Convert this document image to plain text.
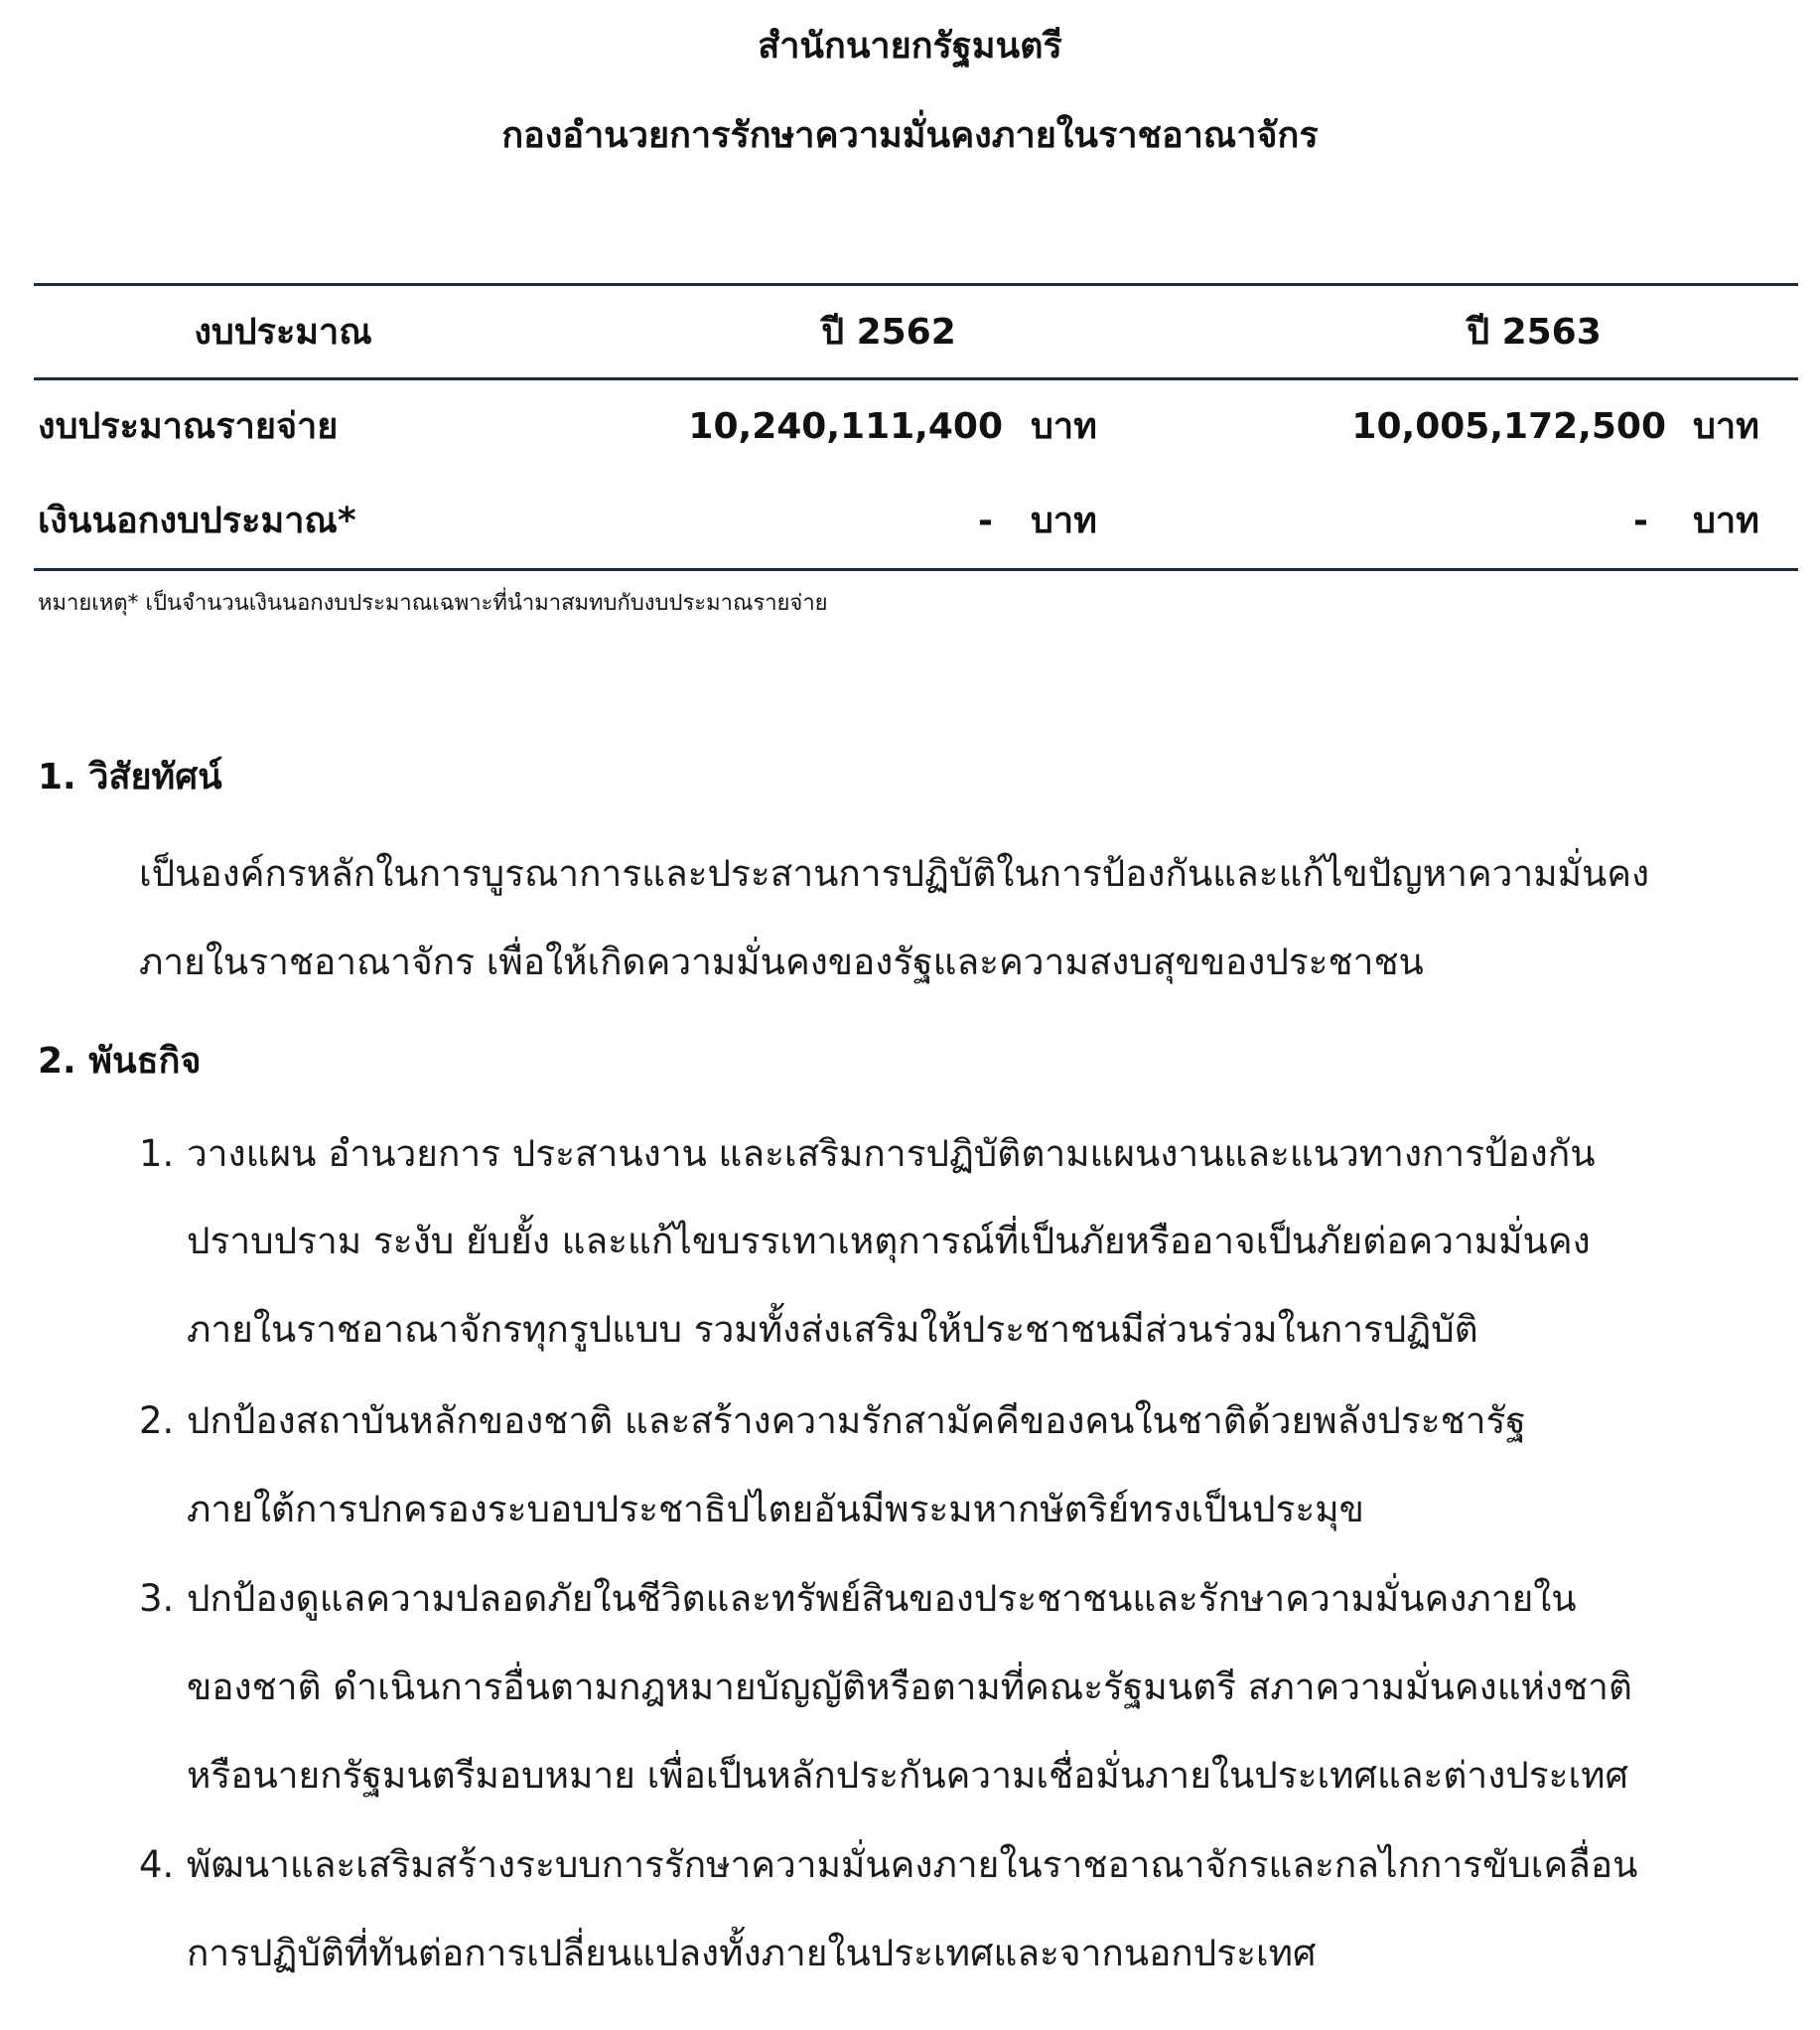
สำนักนายกรัฐมนตรี
กองอำนวยการรักษาความมั่นคงภายในราชอาณาจักร
งบประมาณ	ปี 2562	ปี 2563
งบประมาณรายจ่าย	10,240,111,400 บาท	10,005,172,500 บาท
เงินนอกงบประมาณ*	- บาท	- บาท
หมายเหตุ* เป็นจำนวนเงินนอกงบประมาณเฉพาะที่นำมาสมทบกับงบประมาณรายจ่าย
1. วิสัยทัศน์
เป็นองค์กรหลักในการบูรณาการและประสานการปฏิบัติในการป้องกันและแก้ไขปัญหาความมั่นคง
ภายในราชอาณาจักร เพื่อให้เกิดความมั่นคงของรัฐและความสงบสุขของประชาชน
2. พันธกิจ
1. วางแผน อำนวยการ ประสานงาน และเสริมการปฏิบัติตามแผนงานและแนวทางการป้องกัน
ปราบปราม ระงับ ยับยั้ง และแก้ไขบรรเทาเหตุการณ์ที่เป็นภัยหรืออาจเป็นภัยต่อความมั่นคง
ภายในราชอาณาจักรทุกรูปแบบ รวมทั้งส่งเสริมให้ประชาชนมีส่วนร่วมในการปฏิบัติ
2. ปกป้องสถาบันหลักของชาติ และสร้างความรักสามัคคีของคนในชาติด้วยพลังประชารัฐ
ภายใต้การปกครองระบอบประชาธิปไตยอันมีพระมหากษัตริย์ทรงเป็นประมุข
3. ปกป้องดูแลความปลอดภัยในชีวิตและทรัพย์สินของประชาชนและรักษาความมั่นคงภายใน
ของชาติ ดำเนินการอื่นตามกฎหมายบัญญัติหรือตามที่คณะรัฐมนตรี สภาความมั่นคงแห่งชาติ
หรือนายกรัฐมนตรีมอบหมาย เพื่อเป็นหลักประกันความเชื่อมั่นภายในประเทศและต่างประเทศ
4. พัฒนาและเสริมสร้างระบบการรักษาความมั่นคงภายในราชอาณาจักรและกลไกการขับเคลื่อน
การปฏิบัติที่ทันต่อการเปลี่ยนแปลงทั้งภายในประเทศและจากนอกประเทศ
